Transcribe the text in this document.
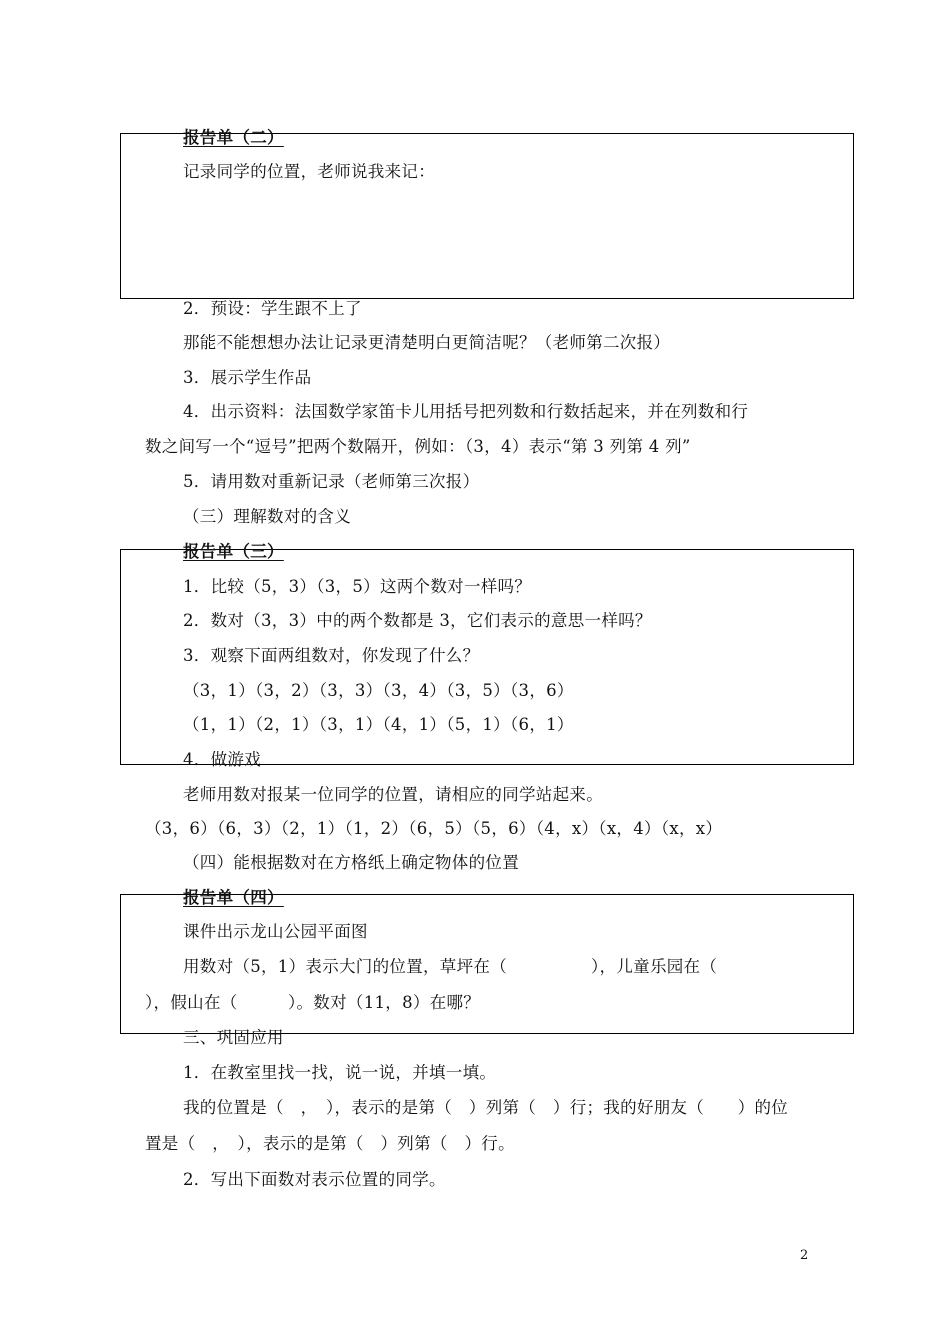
报告单（二）
记录同学的位置，老师说我来记：
2．预设：学生跟不上了
那能不能想想办法让记录更清楚明白更简洁呢？（老师第二次报）
3．展示学生作品
4．出示资料：法国数学家笛卡儿用括号把列数和行数括起来，并在列数和行
数之间写一个“逗号”把两个数隔开，例如：（3，4）表示“第 3 列第 4 列”
5．请用数对重新记录（老师第三次报）
（三）理解数对的含义
报告单（三）
1．比较（5，3）（3，5）这两个数对一样吗？
2．数对（3，3）中的两个数都是 3，它们表示的意思一样吗？
3．观察下面两组数对，你发现了什么？
（3，1）（3，2）（3，3）（3，4）（3，5）（3，6）
（1，1）（2，1）（3，1）（4，1）（5，1）（6，1）
4．做游戏
老师用数对报某一位同学的位置，请相应的同学站起来。
（3，6）（6，3）（2，1）（1，2）（6，5）（5，6）（4，x）（x，4）（x，x）
（四）能根据数对在方格纸上确定物体的位置
报告单（四）
课件出示龙山公园平面图
用数对（5，1）表示大门的位置，草坪在（　　　　　），儿童乐园在（
），假山在（　　　）。数对（11，8）在哪？
三、巩固应用
1．在教室里找一找，说一说，并填一填。
我的位置是（　，　），表示的是第（　）列第（　）行；我的好朋友（　　）的位
置是（　，　），表示的是第（　）列第（　）行。
2．写出下面数对表示位置的同学。
2
